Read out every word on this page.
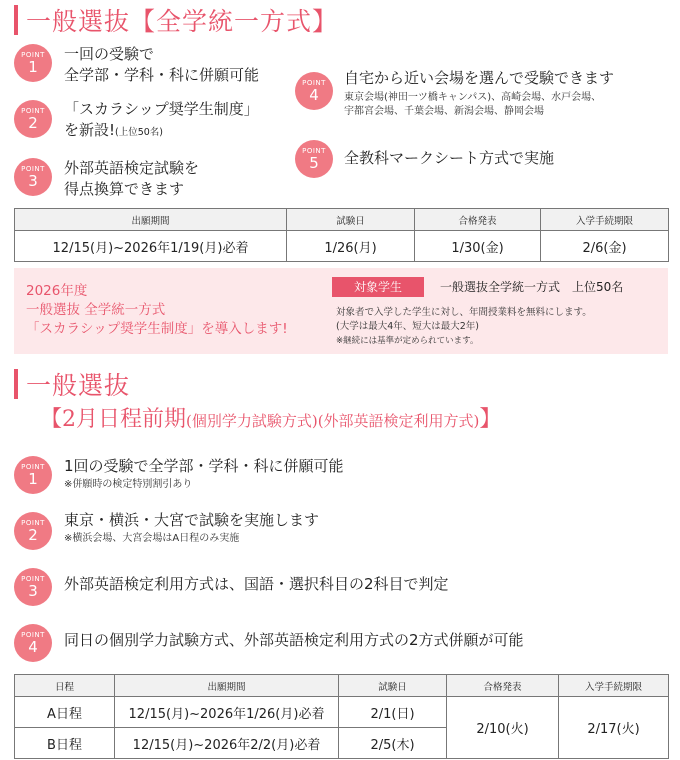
一般選抜【全学統一方式】
POINT
1
一回の受験で
全学部・学科・科に併願可能
POINT
2
「スカラシップ奨学生制度」
を新設!(上位50名)
POINT
3
外部英語検定試験を
得点換算できます
POINT
4
自宅から近い会場を選んで受験できます
東京会場(神田一ツ橋キャンパス)、高崎会場、水戸会場、
宇都宮会場、千葉会場、新潟会場、静岡会場
POINT
5	全教科マークシート方式で実施
出願期間	試験日	合格発表	入学手続期限
12/15(月)~2026年1/19(月)必着	1/26(月)	1/30(金)	2/6(金)
2026年度
一般選抜 全学統一方式
「スカラシップ奨学生制度」を導入します!
対象学生	一般選抜全学統一方式　上位50名
対象者で入学した学生に対し、年間授業料を無料にします。
(大学は最大4年、短大は最大2年)
※継続には基準が定められています。
一般選抜
【2月日程前期(個別学力試験方式)(外部英語検定利用方式)】
POINT
1
1回の受験で全学部・学科・科に併願可能
※併願時の検定特別割引あり
POINT
2
東京・横浜・大宮で試験を実施します
※横浜会場、大宮会場はA日程のみ実施
POINT
3	外部英語検定利用方式は、国語・選択科目の2科目で判定
POINT
4	同日の個別学力試験方式、外部英語検定利用方式の2方式併願が可能
日程	出願期間	試験日	合格発表	入学手続期限
A日程	12/15(月)~2026年1/26(月)必着	2/1(日)	2/10(火)	2/17(火)
B日程	12/15(月)~2026年2/2(月)必着	2/5(木)		
